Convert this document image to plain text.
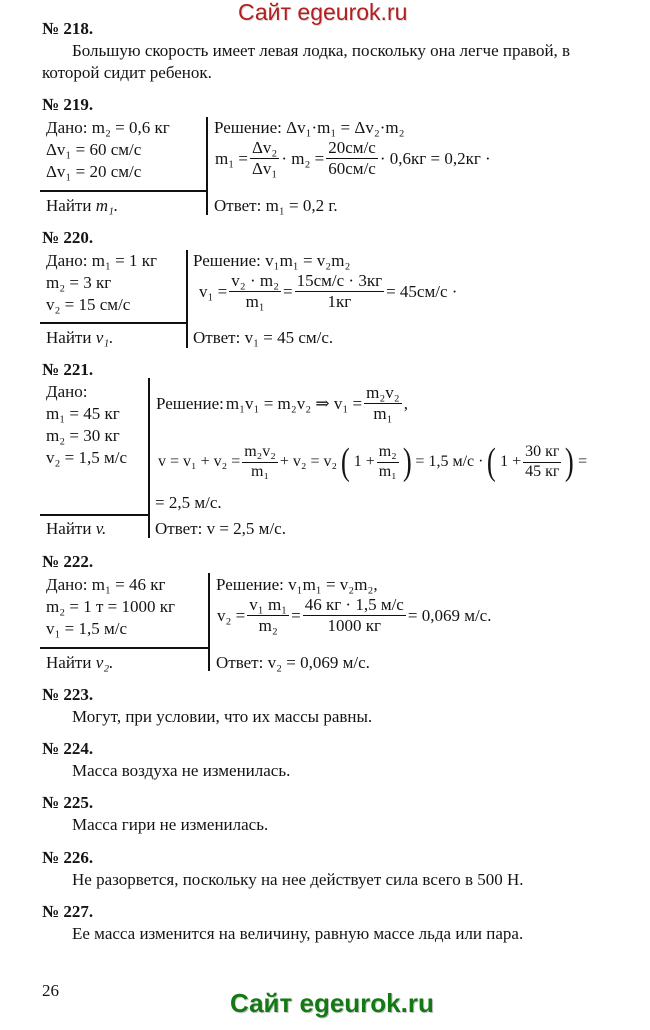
Сайт egeurok.ru
№ 218.
Большую скорость имеет левая лодка, поскольку она легче правой, в
которой сидит ребенок.
№ 219.
Дано: m₂ = 0,6 кг
Δv₁ = 60 см/с
Δv₁ = 20 см/с
Найти m₁.
Решение: Δv₁·m₁ = Δv₂·m₂
$m_1 = \frac{\text{Δv₂}}{\text{Δv₁}} \cdot m_2 = \frac{20см/с}{60см/с} \cdot 0,6кг = 0,2кг$ ·
Ответ: m₁ = 0,2 г.
№ 220.
Дано: m₁ = 1 кг
m₂ = 3 кг
v₂ = 15 см/с
Найти v₁.
Решение: v₁m₁ = v₂m₂
$v_1 = \frac{\text{v₂ · m₂}}{\text{m₁}} = \frac{15см/с \cdot 3кг}{1кг} = 45см/с$ ·
Ответ: v₁ = 45 см/с.
№ 221.
Дано:
m₁ = 45 кг
m₂ = 30 кг
v₂ = 1,5 м/с
Найти v.
Решение: m₁v₁ = m₂v₂ ⇒ $v_1 = \frac{\text{m₂v₂}}{\text{m₁}}$ ,
$v = v_1 + v_2 = \frac{\text{m₂v₂}}{\text{m₁}} + v_2 = v_2$ ( $1 + \frac{\text{m₂}}{\text{m₁}}$ ) = 1,5 м/с · ( $1 + \frac{30 кг}{45 кг}$ ) =
= 2,5 м/с.
Ответ: v = 2,5 м/с.
№ 222.
Дано: m₁ = 46 кг
m₂ = 1 т = 1000 кг
v₁ = 1,5 м/с
Найти v₂.
Решение: v₁m₁ = v₂m₂,
$v_2 = \frac{\text{v₁ m₁}}{\text{m₂}} = \frac{46 кг \cdot 1,5 м/с}{1000 кг} = 0,069$ м/с.
Ответ: v₂ = 0,069 м/с.
№ 223.
Могут, при условии, что их массы равны.
№ 224.
Масса воздуха не изменилась.
№ 225.
Масса гири не изменилась.
№ 226.
Не разорвется, поскольку на нее действует сила всего в 500 Н.
№ 227.
Ее масса изменится на величину, равную массе льда или пара.
26	Сайт egeurok.ru
